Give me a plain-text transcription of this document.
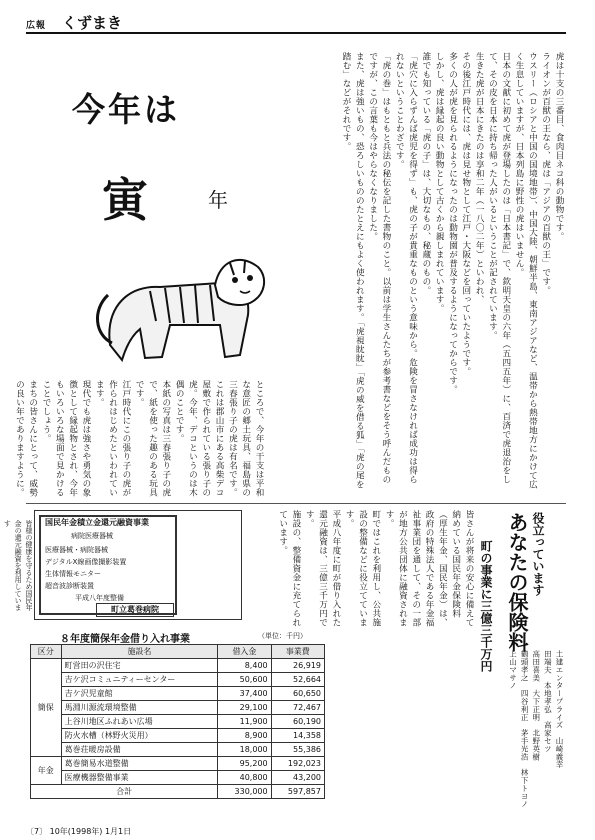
広報 くずまき
今年は
寅	年	虎は十支の三番目、食肉目ネコ科の動物です。

ライオンが百獣の王なら、虎は「アジアの百獣の王」です。

ウスリー（ロシアと中国の国境地帯）、中国大陸、朝鮮半島、東南アジアなど、温帯から熱帯地方にかけて広く生息していますが、日本列島に野性の虎はいません。

日本の文献に初めて虎が登場したのは「日本書記」で、欽明天皇の六年（五四五年）に、百済で虎退治をして、その皮を日本に持ち帰った人がいるということが記されています。

生きた虎が日本にきたのは享和二年（一八〇二年）といわれ、

その後江戸時代には、虎は見せ物として江戸・大阪などを回っていたようです。

多くの人が虎を見られるようになったのは動物園が普及するようになってからです。

しかし、虎は縁起の良い動物として古くから親しまれています。

誰でも知っている「虎の子」は、大切なもの、秘蔵のもの。

「虎穴に入らずんば虎児を得ず」も、虎の子が貴重なものという意味から。危険を冒さなければ成功は得られないということわざです。

「虎の巻」はもともと兵法の秘伝を記した書物のこと。以前は学生さんたちが参考書などをそう呼んだものですが、この言葉も今はやらなくなりました。

また、虎は強いもの、恐ろしいもののたとえにもよく使われます。「虎視眈眈」「虎の威を借る狐」「虎の尾を踏む」などがそれです。

ところで、今年の干支は平和な意匠の郷土玩具、福島県の三春張り子の虎は有名です。

これは郡山市にある高柴デコ屋敷で作られている張り子の虎。今年、デコというのは木偶のことです。

本紙の写真は三春張り子の虎で、紙を使った趣のある玩具です。

江戸時代にこの張り子の虎が作られはじめたといわれています。

現代でも虎は強さや勇気の象徴として縁起物とされ、今年もいろいろな場面で見かけることでしょう。

まちの皆さんにとって、威勢の良い年でありますように。

皆様の健康を守るため国民年金の還元融資を利用しています	国民年金積立金還元融資事業
病院医療器械
医療器械・病院器械
デジタルX線画像撮影装置
生体情報モニター
超音波診断装置
平成八年度整備
町立葛巻病院
役立っています
あなたの保険料
町の事業に三億三千万円

皆さんが将来の安心に備えて納めている国民年金保険料（厚生年金、国民年金）は、政府の特殊法人である年金福祉事業団を通して、その一部が地方公共団体に融資されます。

町ではこれを利用し、公共施設の整備などに役立てています。

平成八年度に町が借り入れた還元融資は、三億三千万円です。

施設の、整備資金に充てられています。

土建エンタープライズ　山崎義幸

田端夫　本地孝弘　高家セツ

高田喜美　大下正明　北野英樹

鶴頭孝之　四谷利正　茅手光浩　林下トヨノ　上山マサノ

８年度簡保年金借り入れ事業	（単位：千円）
区分	施設名	借入金	事業費
簡保	町営田の沢住宅	8,400	26,919
	吉ケ沢コミュニティーセンター	50,600	52,664
	吉ケ沢児童館	37,400	60,650
	馬淵川源流環境整備	29,100	72,467
	上谷川地区ふれあい広場	11,900	60,190
	防火水槽（林野火災用）	8,900	14,358
	葛巻荘暖房設備	18,000	55,386
年金	葛巻簡易水道整備	95,200	192,023
	医療機器整備事業	40,800	43,200
合計		330,000	597,857
〔7〕 10年(1998年) 1月1日
